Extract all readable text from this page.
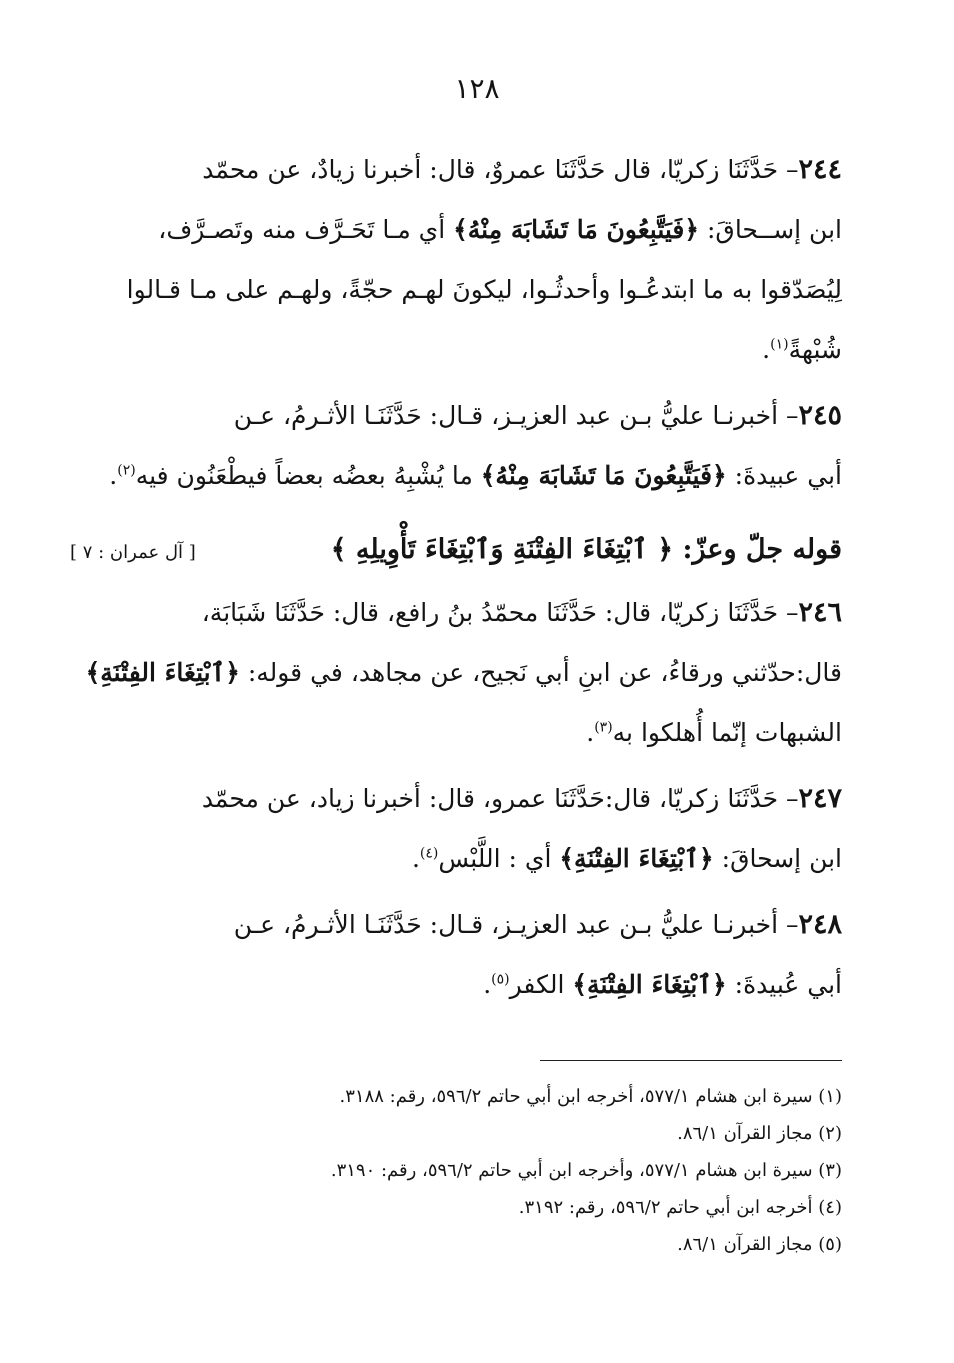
١٢٨

٢٤٤– حَدَّثَنَا زكريّا، قال حَدَّثَنَا عمروٌ، قال: أخبرنا زيادٌ، عن محمّد

ابن إســحاقَ: ﴿فَيَتَّبِعُونَ مَا تَشَابَهَ مِنْهُ﴾ أي مـا تَحَـرَّف منه وتَصـرَّف،

لِيُصَدّقوا به ما ابتدعُـوا وأحدثُـوا، ليكونَ لهـم حجّةً، ولهـم على مـا قـالوا

شُبْهةً$^{(١)}$.

٢٤٥– أخبرنـا عليُّ بـن عبد العزيـز، قـال: حَدَّثَنَـا الأثـرمُ، عـن

أبي عبيدةَ: ﴿فَيَتَّبِعُونَ مَا تَشَابَهَ مِنْهُ﴾ ما يُشْبِهُ بعضُه بعضاً فيطْعَنُون فيه$^{(٢)}$.

قوله جلّ وعزّ: ﴿ ٱبْتِغَاءَ الفِتْنَةِ وَٱبْتِغَاءَ تَأْوِيلِهِ ﴾
[ آل عمران : ٧ ]

٢٤٦– حَدَّثَنَا زكريّا، قال: حَدَّثَنَا محمّدُ بنُ رافع، قال: حَدَّثَنَا شَبَابَة،

قال:حدّثني ورقاءُ، عن ابنِ أبي نَجيح، عن مجاهد، في قوله: ﴿ٱبْتِغَاءَ الفِتْنَةِ﴾

الشبهات إنّما أُهلكوا به$^{(٣)}$.

٢٤٧– حَدَّثَنَا زكريّا، قال:حَدَّثَنَا عمرو، قال: أخبرنا زياد، عن محمّد

ابن إسحاقَ: ﴿ٱبْتِغَاءَ الفِتْنَةِ﴾ أي : اللَّبْس$^{(٤)}$.

٢٤٨– أخبرنـا عليُّ بـن عبد العزيـز، قـال: حَدَّثَنَـا الأثـرمُ، عـن

أبي عُبيدةَ: ﴿ٱبْتِغَاءَ الفِتْنَةِ﴾ الكفر$^{(٥)}$.

(١) سيرة ابن هشام ٥٧٧/١، أخرجه ابن أبي حاتم ٥٩٦/٢، رقم: ٣١٨٨.
(٢) مجاز القرآن ٨٦/١.
(٣) سيرة ابن هشام ٥٧٧/١، وأخرجه ابن أبي حاتم ٥٩٦/٢، رقم: ٣١٩٠.
(٤) أخرجه ابن أبي حاتم ٥٩٦/٢، رقم: ٣١٩٢.
(٥) مجاز القرآن ٨٦/١.
